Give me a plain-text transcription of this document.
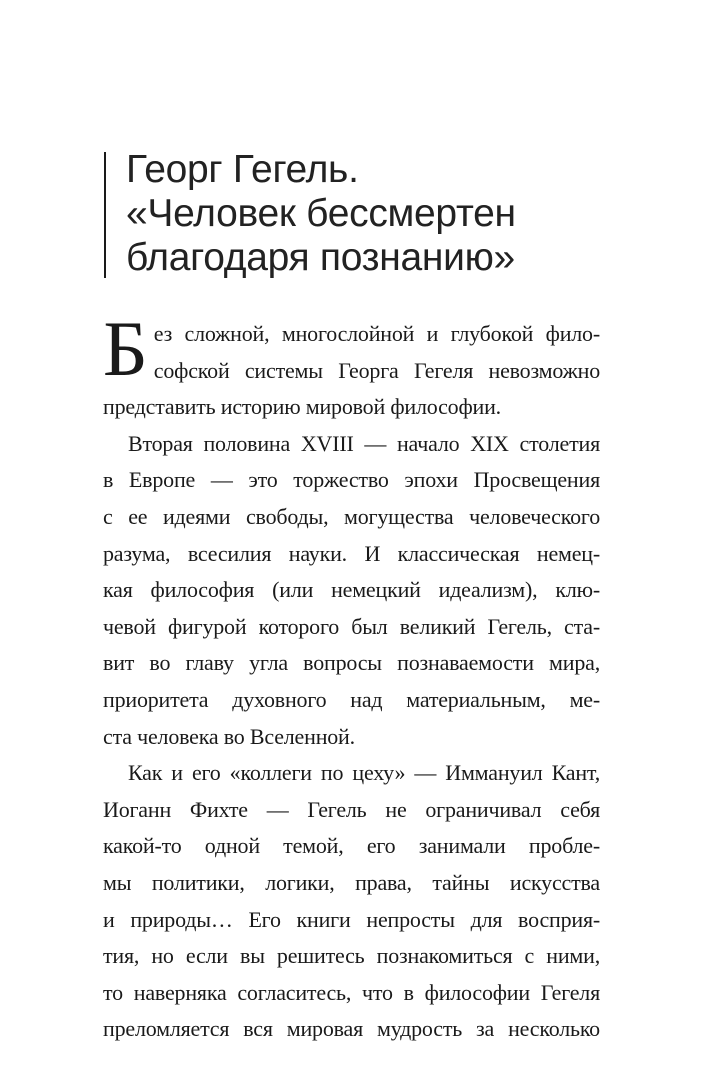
Георг Гегель.
«Человек бессмертен
благодаря познанию»
Б ез сложной, многослойной и глубокой фило-
софской системы Георга Гегеля невозможно
представить историю мировой философии.
Вторая половина XVIII — начало XIX столетия
в Европе — это торжество эпохи Просвещения
с ее идеями свободы, могущества человеческого
разума, всесилия науки. И классическая немец-
кая философия (или немецкий идеализм), клю-
чевой фигурой которого был великий Гегель, ста-
вит во главу угла вопросы познаваемости мира,
приоритета духовного над материальным, ме-
ста человека во Вселенной.
Как и его «коллеги по цеху» — Иммануил Кант,
Иоганн Фихте — Гегель не ограничивал себя
какой-то одной темой, его занимали пробле-
мы политики, логики, права, тайны искусства
и природы… Его книги непросты для восприя-
тия, но если вы решитесь познакомиться с ними,
то наверняка согласитесь, что в философии Гегеля
преломляется вся мировая мудрость за несколько
